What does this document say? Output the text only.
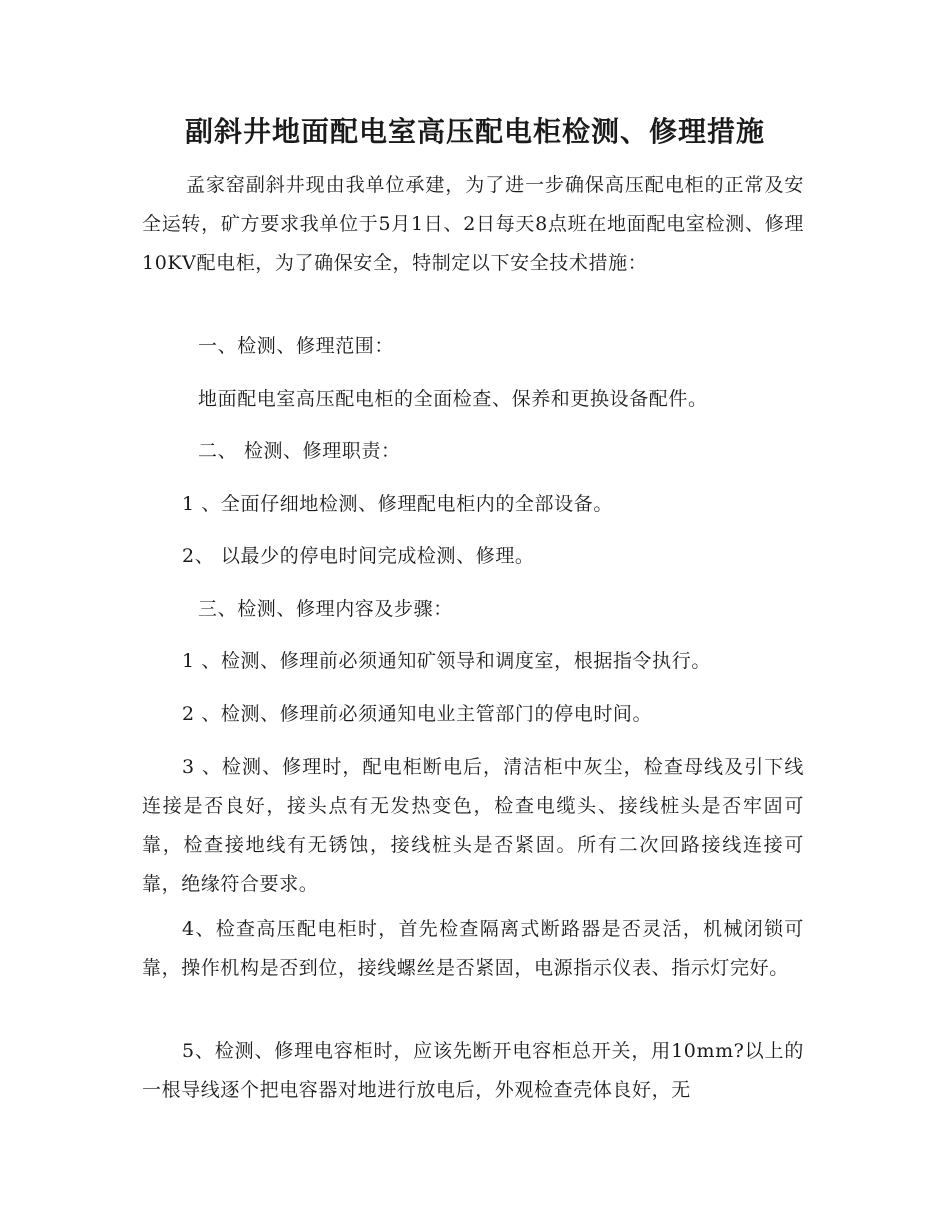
副斜井地面配电室高压配电柜检测、修理措施

孟家窑副斜井现由我单位承建，为了进一步确保高压配电柜的正常及安全运转，矿方要求我单位于5月1日、2日每天8点班在地面配电室检测、修理10KV配电柜，为了确保安全，特制定以下安全技术措施：

一、检测、修理范围：

地面配电室高压配电柜的全面检查、保养和更换设备配件。

二、 检测、修理职责：

1 、全面仔细地检测、修理配电柜内的全部设备。

2、 以最少的停电时间完成检测、修理。

三、检测、修理内容及步骤：

1 、检测、修理前必须通知矿领导和调度室，根据指令执行。

2 、检测、修理前必须通知电业主管部门的停电时间。

3 、检测、修理时，配电柜断电后，清洁柜中灰尘，检查母线及引下线连接是否良好，接头点有无发热变色，检查电缆头、接线桩头是否牢固可靠，检查接地线有无锈蚀，接线桩头是否紧固。所有二次回路接线连接可靠，绝缘符合要求。

4、检查高压配电柜时，首先检查隔离式断路器是否灵活，机械闭锁可靠，操作机构是否到位，接线螺丝是否紧固，电源指示仪表、指示灯完好。

5、检测、修理电容柜时，应该先断开电容柜总开关，用10mm?以上的一根导线逐个把电容器对地进行放电后，外观检查壳体良好，无
